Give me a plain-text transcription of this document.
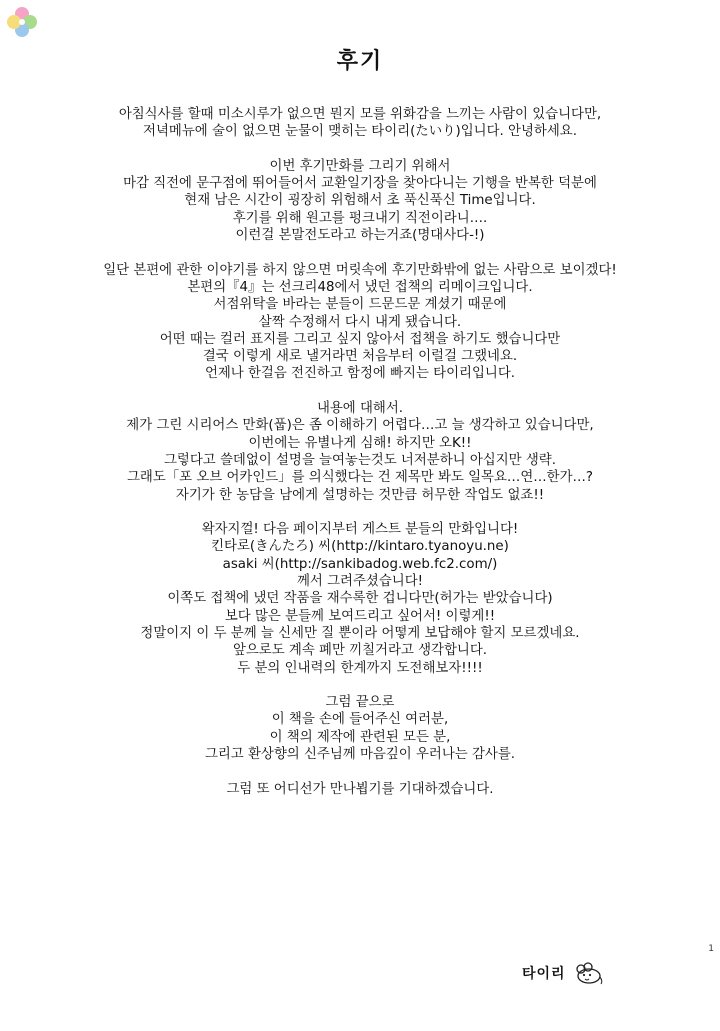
후기
아침식사를 할때 미소시루가 없으면 뭔지 모를 위화감을 느끼는 사람이 있습니다만,
저녁메뉴에 술이 없으면 눈물이 맺히는 타이리(たいり)입니다. 안녕하세요.
이번 후기만화를 그리기 위해서
마감 직전에 문구점에 뛰어들어서 교환일기장을 찾아다니는 기행을 반복한 덕분에
현재 남은 시간이 굉장히 위험해서 초 푹신푹신 Time입니다.
후기를 위해 원고를 펑크내기 직전이라니….
이런걸 본말전도라고 하는거죠(명대사다-!)
일단 본편에 관한 이야기를 하지 않으면 머릿속에 후기만화밖에 없는 사람으로 보이겠다!
본편의『4』는 선크리48에서 냈던 접책의 리메이크입니다.
서점위탁을 바라는 분들이 드문드문 계셨기 때문에
살짝 수정해서 다시 내게 됐습니다.
어떤 때는 컬러 표지를 그리고 싶지 않아서 접책을 하기도 했습니다만
결국 이렇게 새로 낼거라면 처음부터 이럴걸 그랬네요.
언제나 한걸음 전진하고 함정에 빠지는 타이리입니다.
내용에 대해서.
제가 그린 시리어스 만화(풉)은 좀 이해하기 어렵다…고 늘 생각하고 있습니다만,
이번에는 유별나게 심해! 하지만 오K!!
그렇다고 쓸데없이 설명을 늘여놓는것도 너저분하니 아십지만 생략.
그래도「포 오브 어카인드」를 의식했다는 건 제목만 봐도 일목요…연…한가…?
자기가 한 농담을 남에게 설명하는 것만큼 허무한 작업도 없죠!!
왁자지껄! 다음 페이지부터 게스트 분들의 만화입니다!
킨타로(きんたろ) 씨(http://kintaro.tyanoyu.ne)
asaki 씨(http://sankibadog.web.fc2.com/)
께서 그려주셨습니다!
이쪽도 접책에 냈던 작품을 재수록한 겁니다만(허가는 받았습니다)
보다 많은 분들께 보여드리고 싶어서! 이렇게!!
정말이지 이 두 분께 늘 신세만 질 뿐이라 어떻게 보답해야 할지 모르겠네요.
앞으로도 계속 폐만 끼칠거라고 생각합니다.
두 분의 인내력의 한계까지 도전해보자!!!!
그럼 끝으로
이 책을 손에 들어주신 여러분,
이 책의 제작에 관련된 모든 분,
그리고 환상향의 신주님께 마음깊이 우러나는 감사를.
그럼 또 어디선가 만나뵙기를 기대하겠습니다.
1
타이리
